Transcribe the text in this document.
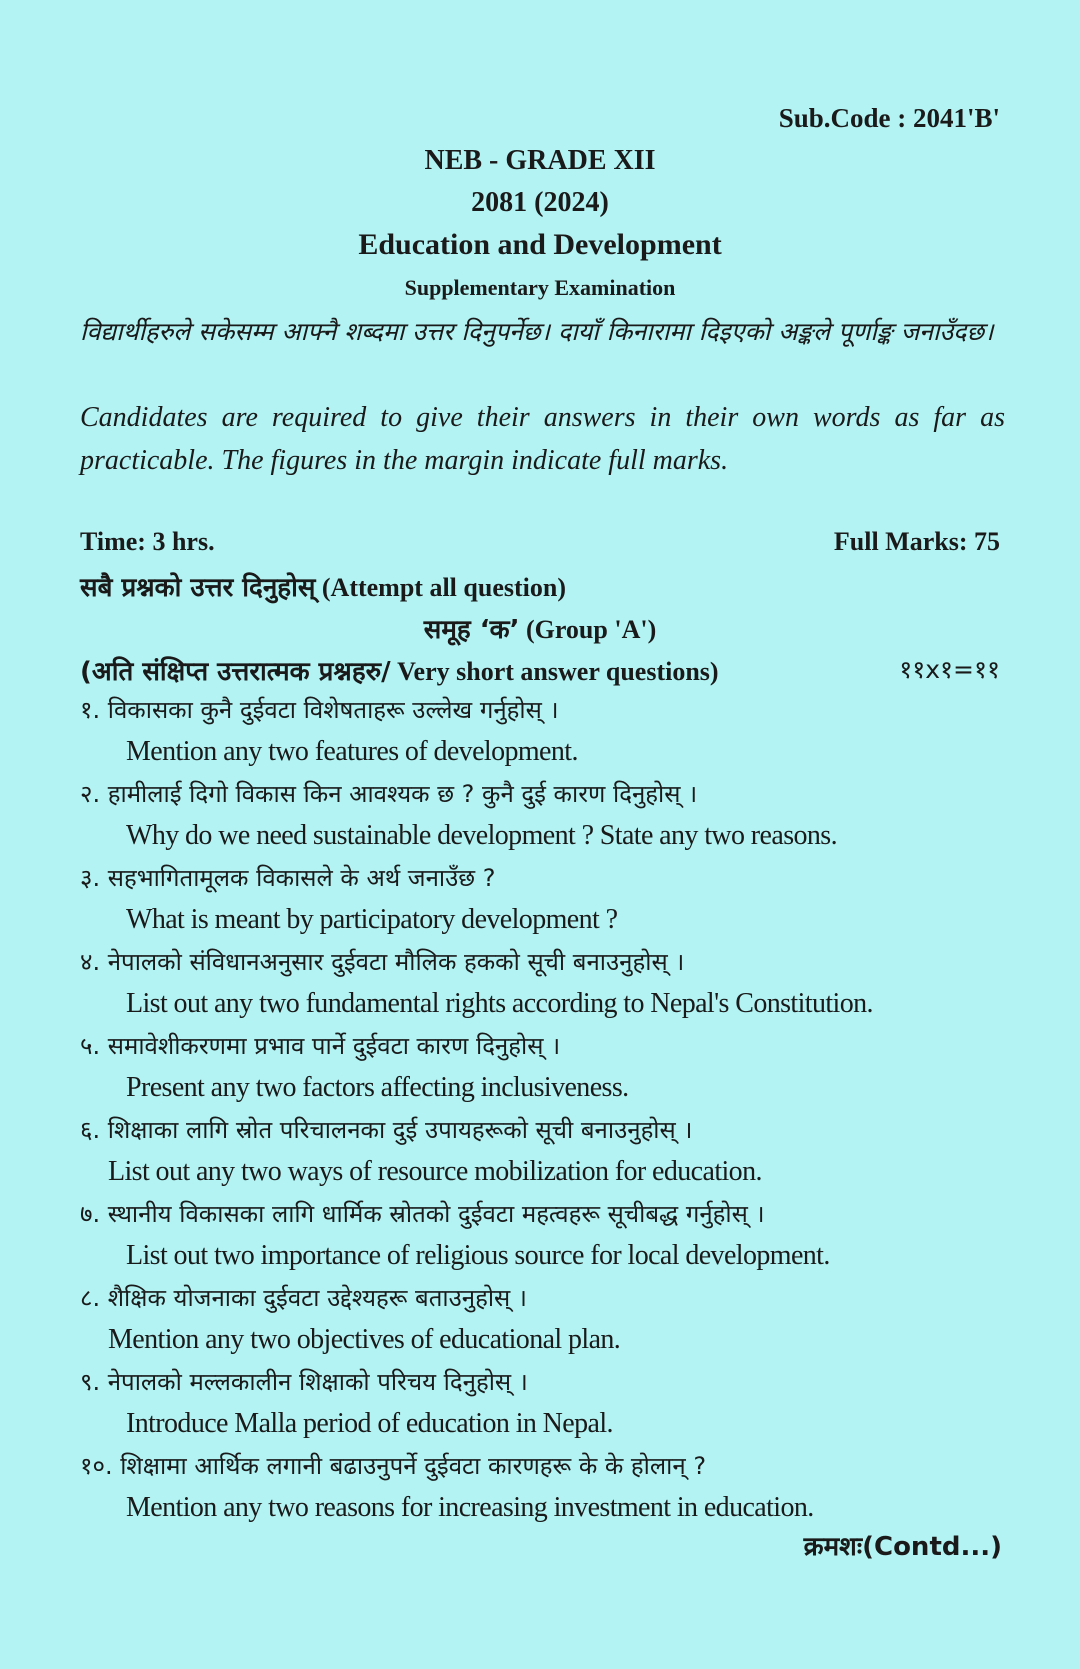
Sub.Code : 2041'B'
NEB - GRADE XII
2081 (2024)
Education and Development
Supplementary Examination
विद्यार्थीहरुले सकेसम्म आफ्नै शब्दमा उत्तर दिनुपर्नेछ। दायाँ किनारामा दिइएको अङ्कले पूर्णाङ्क जनाउँदछ।
Candidates are required to give their answers in their own words as far as practicable. The figures in the margin indicate full marks.
Time: 3 hrs.	Full Marks: 75
सबै प्रश्नको उत्तर दिनुहोस् (Attempt all question)
समूह ‘क’ (Group 'A')
(अति संक्षिप्त उत्तरात्मक प्रश्नहरु/ Very short answer questions)	११x१=११
१. विकासका कुनै दुईवटा विशेषताहरू उल्लेख गर्नुहोस् ।
Mention any two features of development.
२. हामीलाई दिगो विकास किन आवश्यक छ ? कुनै दुई कारण दिनुहोस् ।
Why do we need sustainable development ? State any two reasons.
३. सहभागितामूलक विकासले के अर्थ जनाउँछ ?
What is meant by participatory development ?
४. नेपालको संविधानअनुसार दुईवटा मौलिक हकको सूची बनाउनुहोस् ।
List out any two fundamental rights according to Nepal's Constitution.
५. समावेशीकरणमा प्रभाव पार्ने दुईवटा कारण दिनुहोस् ।
Present any two factors affecting inclusiveness.
६. शिक्षाका लागि स्रोत परिचालनका दुई उपायहरूको सूची बनाउनुहोस् ।
List out any two ways of resource mobilization for education.
७. स्थानीय विकासका लागि धार्मिक स्रोतको दुईवटा महत्वहरू सूचीबद्ध गर्नुहोस् ।
List out two importance of religious source for local development.
८. शैक्षिक योजनाका दुईवटा उद्देश्यहरू बताउनुहोस् ।
Mention any two objectives of educational plan.
९. नेपालको मल्लकालीन शिक्षाको परिचय दिनुहोस् ।
Introduce Malla period of education in Nepal.
१०. शिक्षामा आर्थिक लगानी बढाउनुपर्ने दुईवटा कारणहरू के के होलान् ?
Mention any two reasons for increasing investment in education.
क्रमशः(Contd...)
